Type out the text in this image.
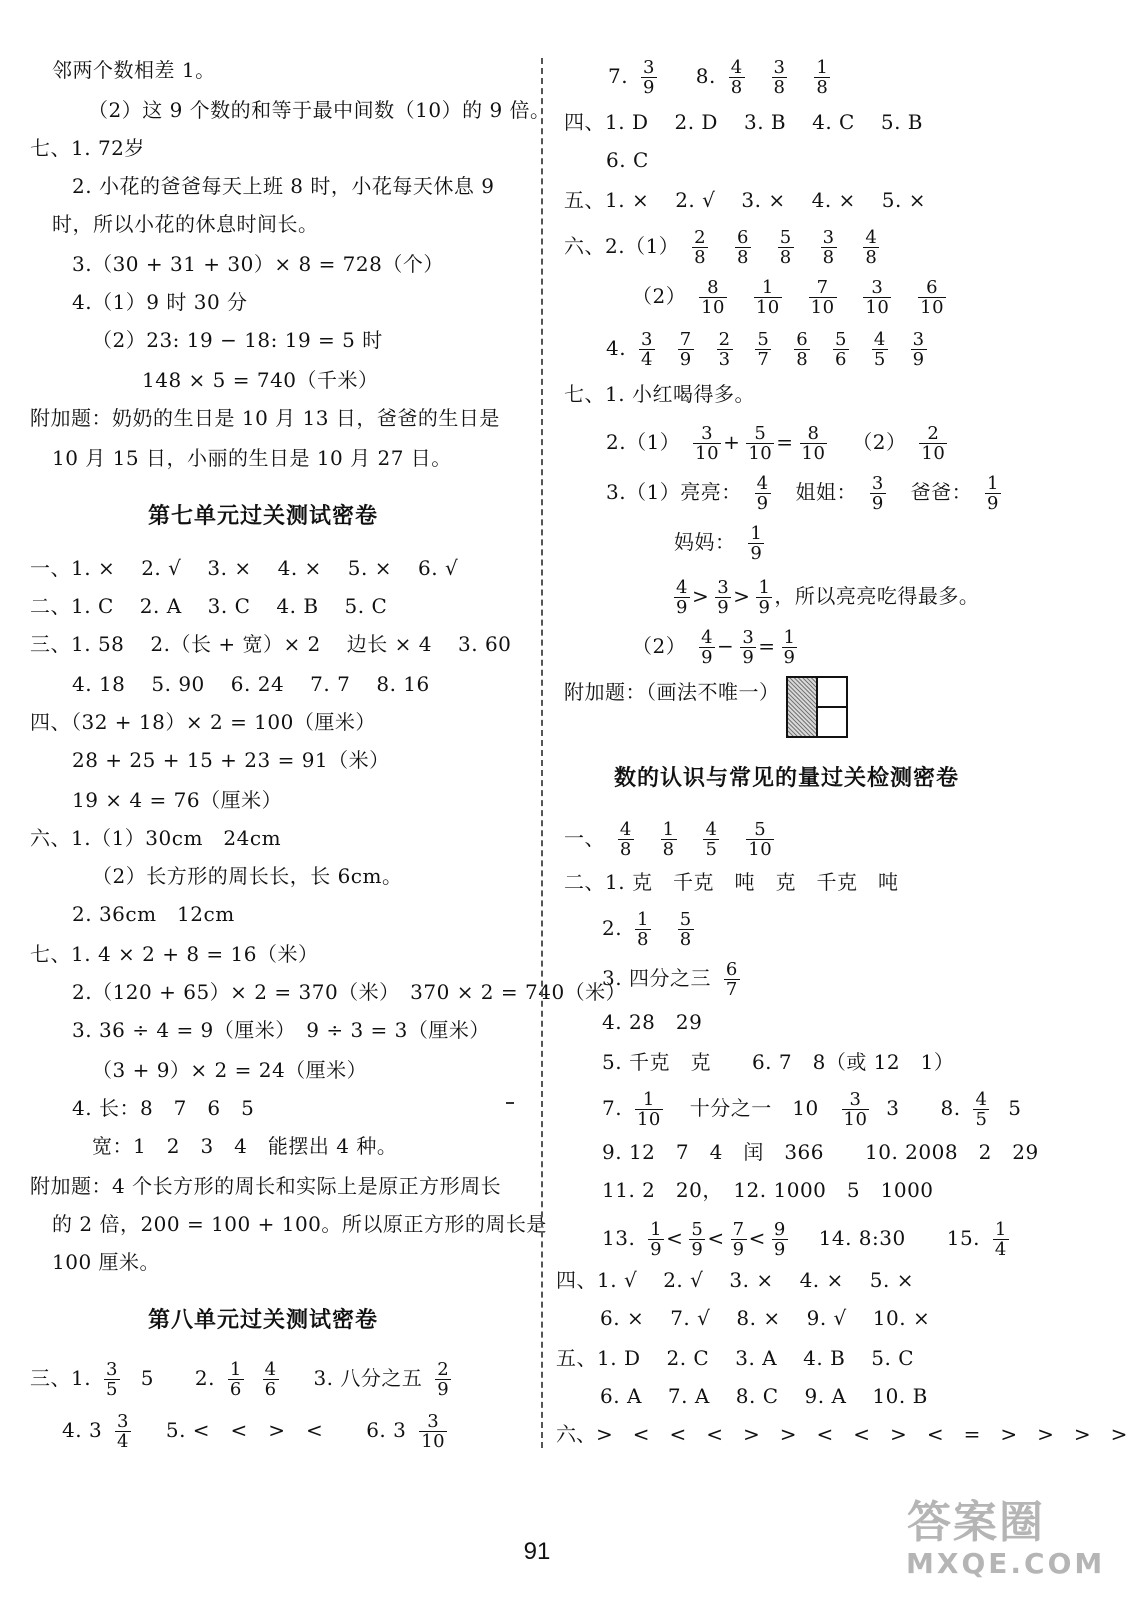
邻两个数相差 1。
（2）这 9 个数的和等于最中间数（10）的 9 倍。
七、1. 72岁
2. 小花的爸爸每天上班 8 时，小花每天休息 9
时，所以小花的休息时间长。
3.（30 + 31 + 30）× 8 = 728（个）
4.（1）9 时 30 分
（2）23: 19 − 18: 19 = 5 时
148 × 5 = 740（千米）
附加题：奶奶的生日是 10 月 13 日，爸爸的生日是
10 月 15 日，小丽的生日是 10 月 27 日。
第七单元过关测试密卷
一、1. × 2. √ 3. × 4. × 5. × 6. √
二、1. C 2. A 3. C 4. B 5. C
三、1. 58 2.（长 + 宽）× 2 边长 × 4 3. 60
4. 18 5. 90 6. 24 7. 7 8. 16
四、（32 + 18）× 2 = 100（厘米）
28 + 25 + 15 + 23 = 91（米）
19 × 4 = 76（厘米）
六、1.（1）30cm　24cm
（2）长方形的周长长，长 6cm。
2. 36cm　12cm
七、1. 4 × 2 + 8 = 16（米）
2.（120 + 65）× 2 = 370（米）　370 × 2 = 740（米）
3. 36 ÷ 4 = 9（厘米）　9 ÷ 3 = 3（厘米）
（3 + 9）× 2 = 24（厘米）
4. 长：8　7　6　5
宽：1　2　3　4　能摆出 4 种。
附加题：4 个长方形的周长和实际上是原正方形周长
的 2 倍，200 = 100 + 100。所以原正方形的周长是
100 厘米。
第八单元过关测试密卷
三、1. $\frac{3}{5} 5$ 2. $\frac{1}{6}$
$\frac{4}{6} 3$. 八分之五 $\frac{2}{9}$
4. $3 \frac{3}{4} 5$. <　<　>　< 6. $3 \frac{3}{10}$
7. $\frac{3}{9} 8$. $\frac{4}{8}$
$\frac{3}{8}$
$\frac{1}{8}$
四、1. D 2. D 3. B 4. C 5. B
6. C
五、1. × 2. √ 3. × 4. × 5. ×
六、$2.(1) \frac{2}{8}$
$\frac{6}{8}$
$\frac{5}{8}$
$\frac{3}{8}$
$\frac{4}{8}$
$(2) \frac{8}{10}$
$\frac{1}{10}$
$\frac{7}{10}$
$\frac{3}{10}$
$\frac{6}{10}$
4. $\frac{3}{4}$
$\frac{7}{9}$
$\frac{2}{3}$
$\frac{5}{7}$
$\frac{6}{8}$
$\frac{5}{6}$
$\frac{4}{5}$
$\frac{3}{9}$
七、1. 小红喝得多。
$2.(1) \frac{3}{10} + \frac{5}{10} = \frac{8}{10} (2) \frac{2}{10}$
3.（1）亮亮： $\frac{4}{9}$ 姐姐： $\frac{3}{9}$ 爸爸： $\frac{1}{9}$
妈妈： $\frac{1}{9}$
$\frac{4}{9} > \frac{3}{9} > \frac{1}{9}$ ，所以亮亮吃得最多。
$(2) \frac{4}{9} - \frac{3}{9} = \frac{1}{9}$
附加题：（画法不唯一）
数的认识与常见的量过关检测密卷
一、 $\frac{4}{8}$
$\frac{1}{8}$
$\frac{4}{5}$
$\frac{5}{10}$
二、1. 克　千克　吨　克　千克　吨
2. $\frac{1}{8}$
$\frac{5}{8}$
3. 四分之三 $\frac{6}{7}$
4. 28　29
5. 千克　克　　6. 7　8（或 12　1）
7. $\frac{1}{10}$ 十分之一　$10 \frac{3}{10} 3$　　8. $\frac{4}{5} 5$
9. 12　7　4　闰　366　　10. 2008　2　29
11. 2　20，　12. 1000　5　1000
13. $\frac{1}{9} < \frac{5}{9} < \frac{7}{9} < \frac{9}{9} 14$. 8:30　　15. $\frac{1}{4}$
四、1. √ 2. √ 3. × 4. × 5. ×
6. × 7. √ 8. × 9. √ 10. ×
五、1. D 2. C 3. A 4. B 5. C
6. A 7. A 8. C 9. A 10. B
六、>　<　<　<　>　>　<　<　>　<　=　>　>　>　>
91
答案圈
MXQE.COM
